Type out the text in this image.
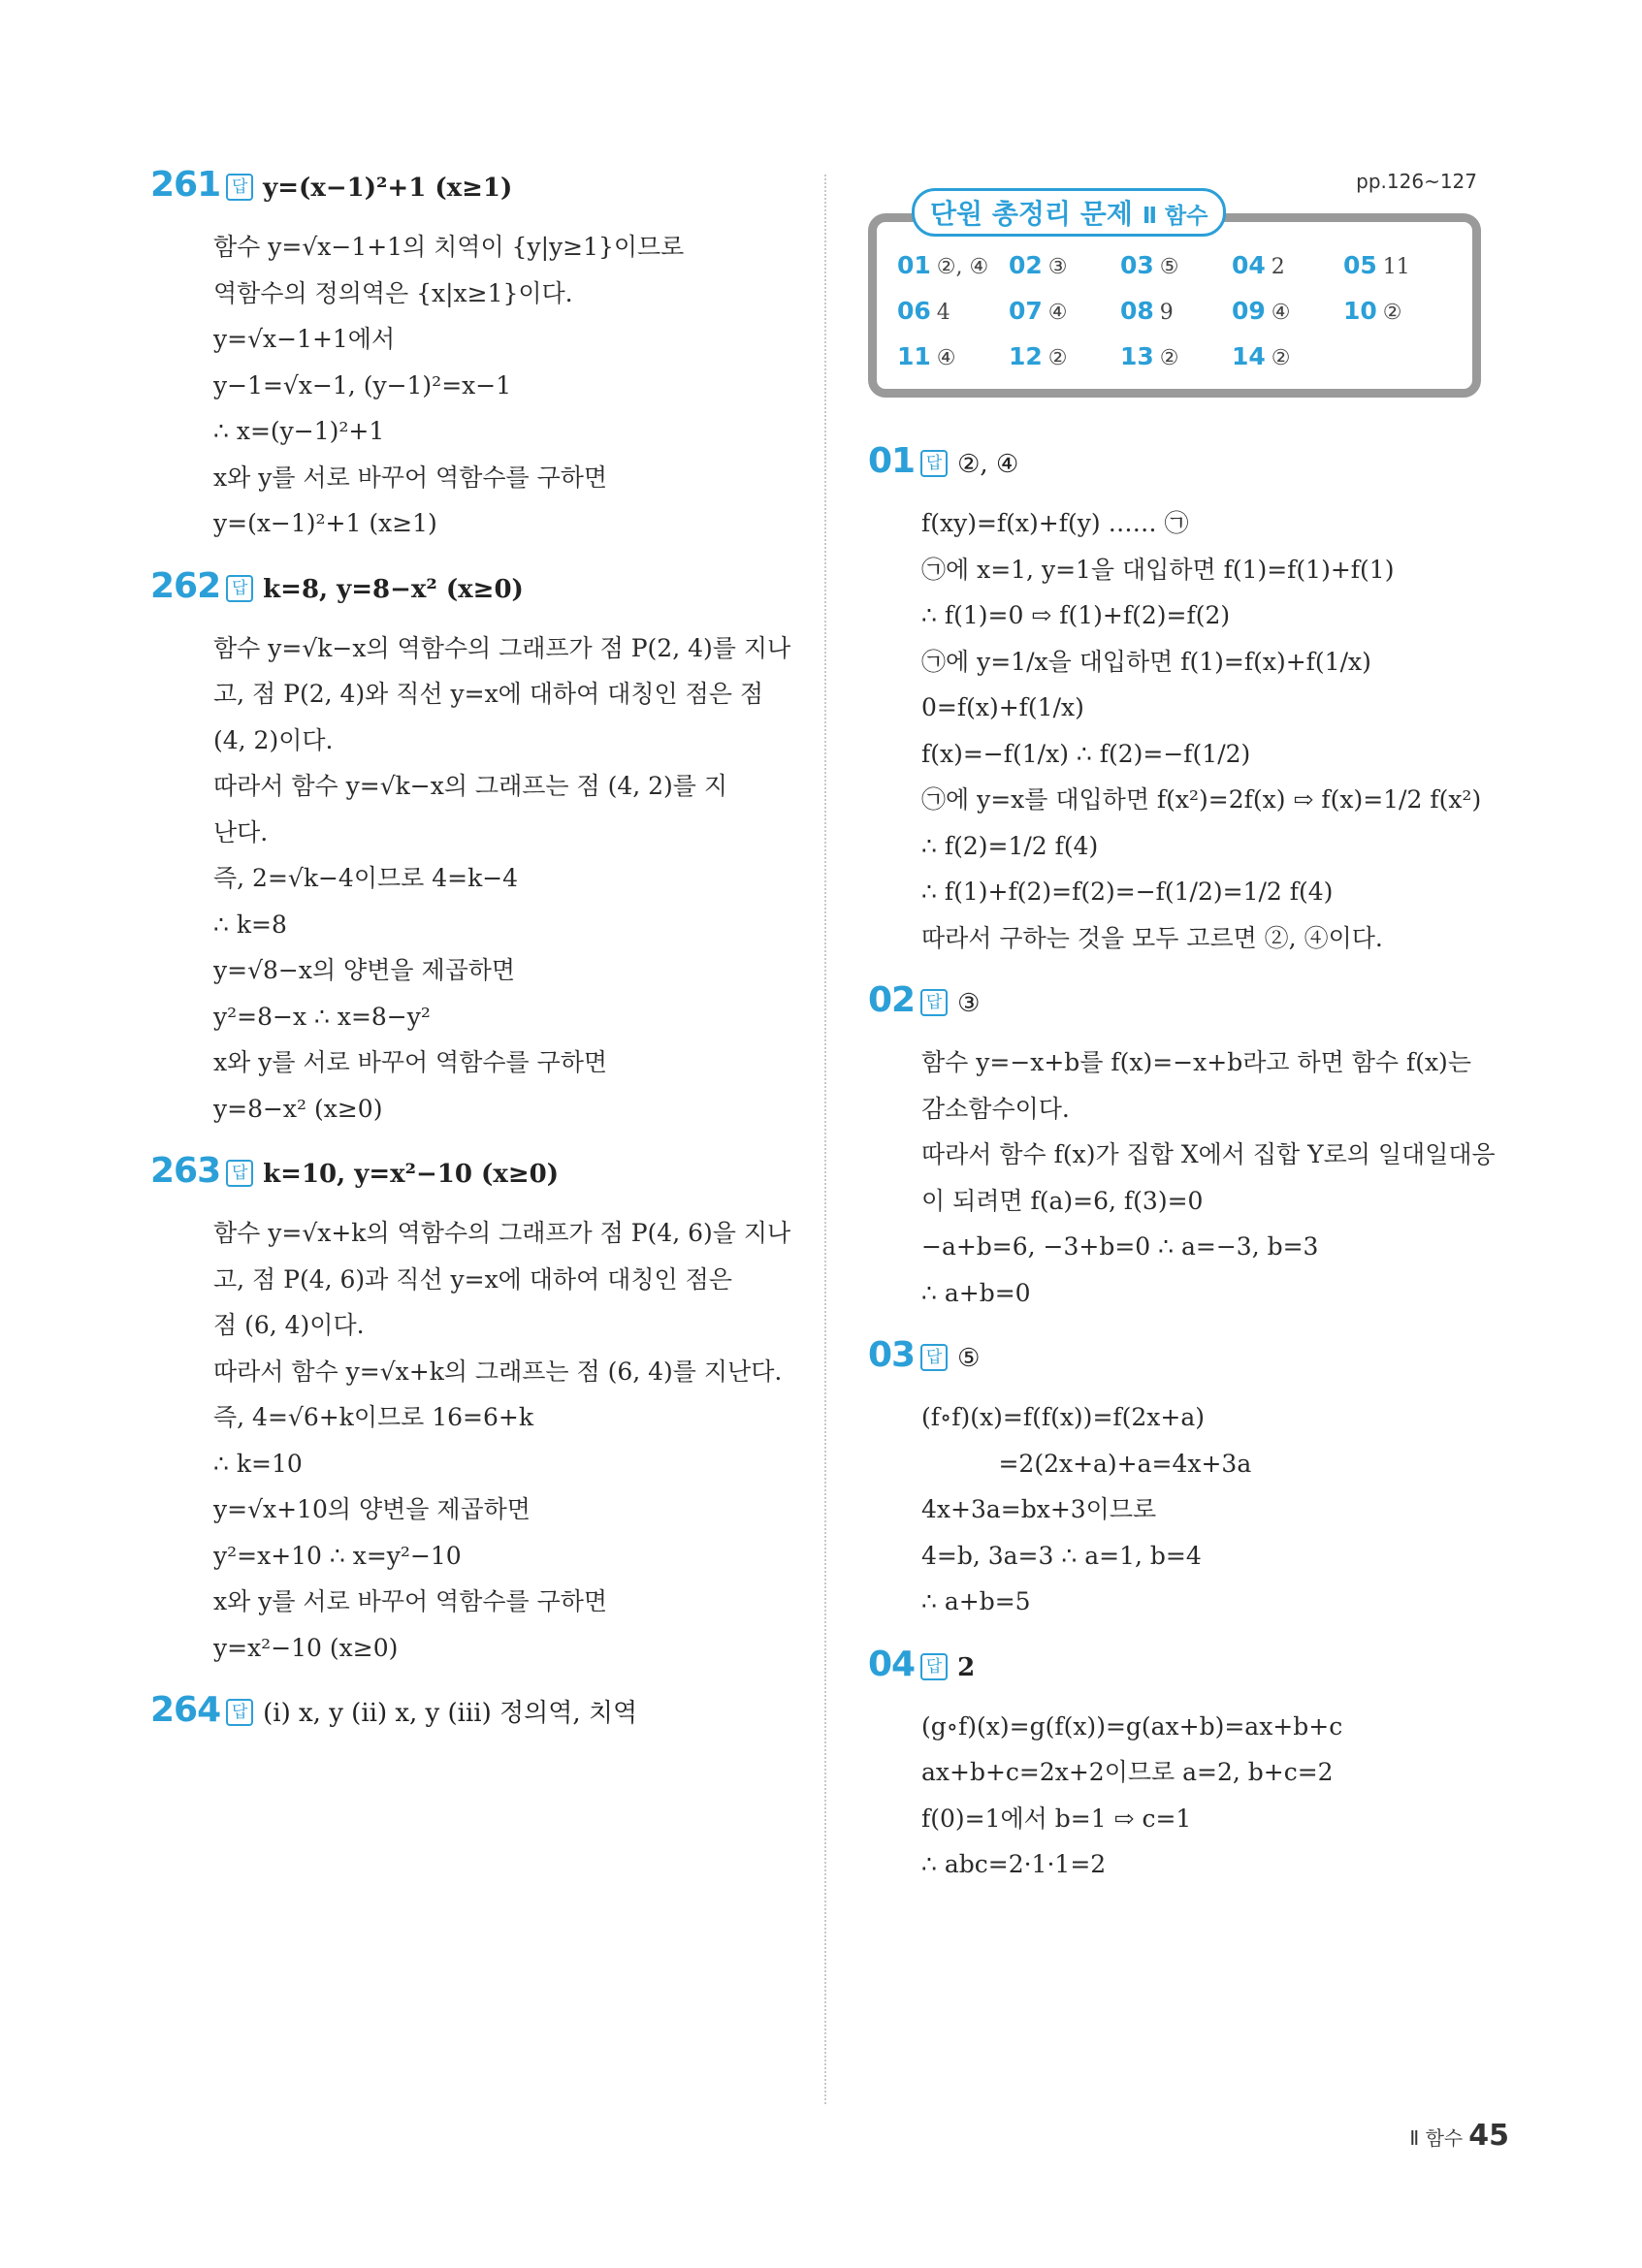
261 답 y=(x−1)²+1 (x≥1)
함수 y=√x−1+1의 치역이 {y|y≥1}이므로
역함수의 정의역은 {x|x≥1}이다.
y=√x−1+1에서
y−1=√x−1, (y−1)²=x−1
∴ x=(y−1)²+1
x와 y를 서로 바꾸어 역함수를 구하면
y=(x−1)²+1 (x≥1)
262 답 k=8, y=8−x² (x≥0)
함수 y=√k−x의 역함수의 그래프가 점 P(2, 4)를 지나
고, 점 P(2, 4)와 직선 y=x에 대하여 대칭인 점은 점
(4, 2)이다.
따라서 함수 y=√k−x의 그래프는 점 (4, 2)를 지
난다.
즉, 2=√k−4이므로 4=k−4
∴ k=8
y=√8−x의 양변을 제곱하면
y²=8−x ∴ x=8−y²
x와 y를 서로 바꾸어 역함수를 구하면
y=8−x² (x≥0)
263 답 k=10, y=x²−10 (x≥0)
함수 y=√x+k의 역함수의 그래프가 점 P(4, 6)을 지나
고, 점 P(4, 6)과 직선 y=x에 대하여 대칭인 점은
점 (6, 4)이다.
따라서 함수 y=√x+k의 그래프는 점 (6, 4)를 지난다.
즉, 4=√6+k이므로 16=6+k
∴ k=10
y=√x+10의 양변을 제곱하면
y²=x+10 ∴ x=y²−10
x와 y를 서로 바꾸어 역함수를 구하면
y=x²−10 (x≥0)
264 답 (ⅰ) x, y (ⅱ) x, y (ⅲ) 정의역, 치역
pp.126~127
단원 총정리 문제 Ⅱ 함수
01 ②, ④ 02 ③	03 ⑤	04 2	05 11
06 4	07 ④	08 9	09 ④	10 ②
11 ④	12 ②	13 ②	14 ②
01 답 ②, ④
f(xy)=f(x)+f(y) …… ㉠
㉠에 x=1, y=1을 대입하면 f(1)=f(1)+f(1)
∴ f(1)=0 ⇨ f(1)+f(2)=f(2)
㉠에 y=1/x을 대입하면 f(1)=f(x)+f(1/x)
0=f(x)+f(1/x)
f(x)=−f(1/x) ∴ f(2)=−f(1/2)
㉠에 y=x를 대입하면 f(x²)=2f(x) ⇨ f(x)=1/2 f(x²)
∴ f(2)=1/2 f(4)
∴ f(1)+f(2)=f(2)=−f(1/2)=1/2 f(4)
따라서 구하는 것을 모두 고르면 ②, ④이다.
02 답 ③
함수 y=−x+b를 f(x)=−x+b라고 하면 함수 f(x)는
감소함수이다.
따라서 함수 f(x)가 집합 X에서 집합 Y로의 일대일대응
이 되려면 f(a)=6, f(3)=0
−a+b=6, −3+b=0 ∴ a=−3, b=3
∴ a+b=0
03 답 ⑤
(f∘f)(x)=f(f(x))=f(2x+a)
=2(2x+a)+a=4x+3a
4x+3a=bx+3이므로
4=b, 3a=3 ∴ a=1, b=4
∴ a+b=5
04 답 2
(g∘f)(x)=g(f(x))=g(ax+b)=ax+b+c
ax+b+c=2x+2이므로 a=2, b+c=2
f(0)=1에서 b=1 ⇨ c=1
∴ abc=2·1·1=2
Ⅱ 함수 45
